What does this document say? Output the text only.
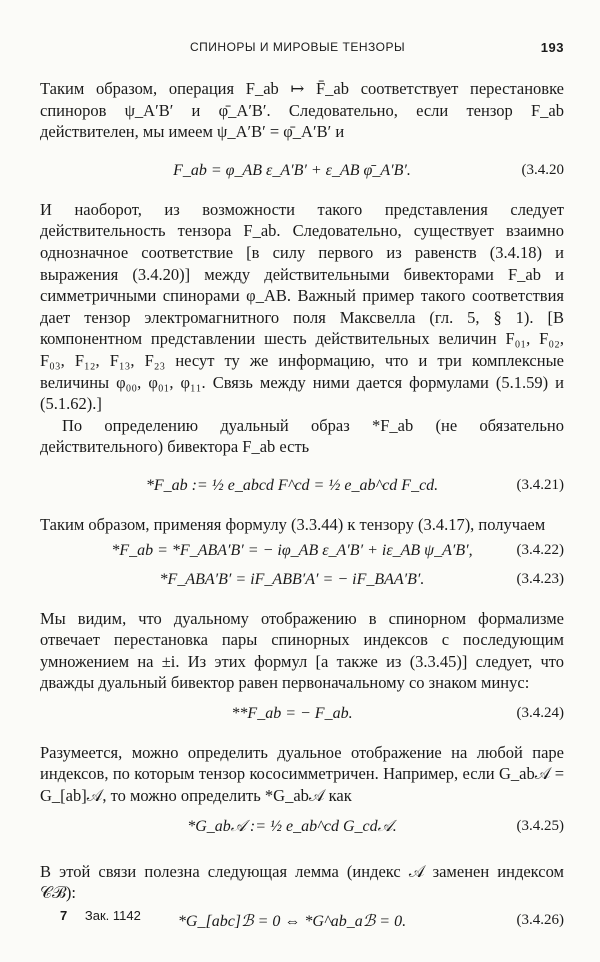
СПИНОРЫ И МИРОВЫЕ ТЕНЗОРЫ	193

Таким образом, операция F_ab ↦ F̄_ab соответствует перестановке спиноров ψ_A′B′ и φ̄_A′B′. Следовательно, если тензор F_ab действителен, мы имеем ψ_A′B′ = φ̄_A′B′ и

F_ab = φ_AB ε_A′B′ + ε_AB φ̄_A′B′.	(3.4.20

И наоборот, из возможности такого представления следует действительность тензора F_ab. Следовательно, существует взаимно однозначное соответствие [в силу первого из равенств (3.4.18) и выражения (3.4.20)] между действительными бивекторами F_ab и симметричными спинорами φ_AB. Важный пример такого соответствия дает тензор электромагнитного поля Максвелла (гл. 5, § 1). [В компонентном представлении шесть действительных величин F₀₁, F₀₂, F₀₃, F₁₂, F₁₃, F₂₃ несут ту же информацию, что и три комплексные величины φ₀₀, φ₀₁, φ₁₁. Связь между ними дается формулами (5.1.59) и (5.1.62).]

По определению дуальный образ *F_ab (не обязательно действительного) бивектора F_ab есть

*F_ab := ½ e_abcd F^cd = ½ e_ab^cd F_cd.	(3.4.21)

Таким образом, применяя формулу (3.3.44) к тензору (3.4.17), получаем

*F_ab = *F_ABA′B′ = − iφ_AB ε_A′B′ + iε_AB ψ_A′B′,	(3.4.22)
*F_ABA′B′ = iF_ABB′A′ = − iF_BAA′B′.	(3.4.23)

Мы видим, что дуальному отображению в спинорном формализме отвечает перестановка пары спинорных индексов с последующим умножением на ±i. Из этих формул [а также из (3.3.45)] следует, что дважды дуальный бивектор равен первоначальному со знаком минус:

**F_ab = − F_ab.	(3.4.24)

Разумеется, можно определить дуальное отображение на любой паре индексов, по которым тензор кососимметричен. Например, если G_ab𝒜 = G_[ab]𝒜, то можно определить *G_ab𝒜 как

*G_ab𝒜 := ½ e_ab^cd G_cd𝒜.	(3.4.25)

В этой связи полезна следующая лемма (индекс 𝒜 заменен индексом 𝒞ℬ):

*G_[abc]ℬ = 0 ⇔ *G^ab_aℬ = 0.	(3.4.26)
7 Зак. 1142
